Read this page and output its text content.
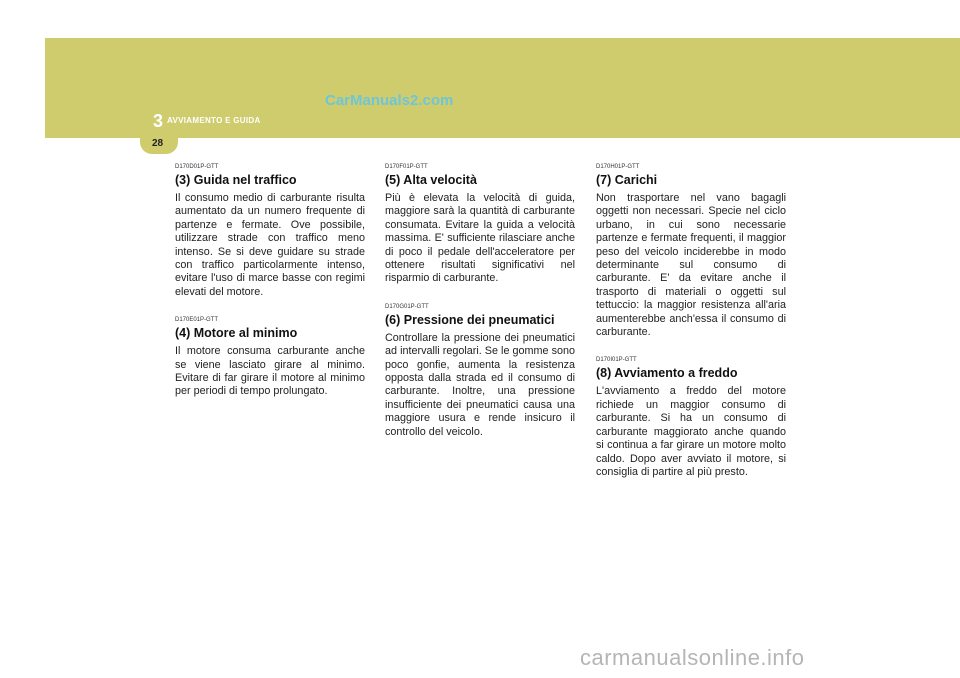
CarManuals2.com
3 AVVIAMENTO E GUIDA
28
D170D01P-GTT
(3) Guida nel traffico

Il consumo medio di carburante risulta aumentato da un numero frequente di partenze e fermate. Ove possibile, utilizzare strade con traffico meno intenso. Se si deve guidare su strade con traffico particolarmente intenso, evitare l'uso di marce basse con regimi elevati del motore.

D170E01P-GTT
(4) Motore al minimo

Il motore consuma carburante anche se viene lasciato girare al minimo. Evitare di far girare il motore al minimo per periodi di tempo prolungato.

D170F01P-GTT
(5) Alta velocità

Più è elevata la velocità di guida, maggiore sarà la quantità di carburante consumata. Evitare la guida a velocità massima. E' sufficiente rilasciare anche di poco il pedale dell'acceleratore per ottenere risultati significativi nel risparmio di carburante.

D170G01P-GTT
(6) Pressione dei pneumatici

Controllare la pressione dei pneumatici ad intervalli regolari. Se le gomme sono poco gonfie, aumenta la resistenza opposta dalla strada ed il consumo di carburante. Inoltre, una pressione insufficiente dei pneumatici causa una maggiore usura e rende insicuro il controllo del veicolo.

D170H01P-GTT
(7) Carichi

Non trasportare nel vano bagagli oggetti non necessari. Specie nel ciclo urbano, in cui sono necessarie partenze e fermate frequenti, il maggior peso del veicolo inciderebbe in modo determinante sul consumo di carburante. E' da evitare anche il trasporto di materiali o oggetti sul tettuccio: la maggior resistenza all'aria aumenterebbe anch'essa il consumo di carburante.

D170I01P-GTT
(8) Avviamento a freddo

L'avviamento a freddo del motore richiede un maggior consumo di carburante. Si ha un consumo di carburante maggiorato anche quando si continua a far girare un motore molto caldo. Dopo aver avviato il motore, si consiglia di partire al più presto.

carmanualsonline.info
